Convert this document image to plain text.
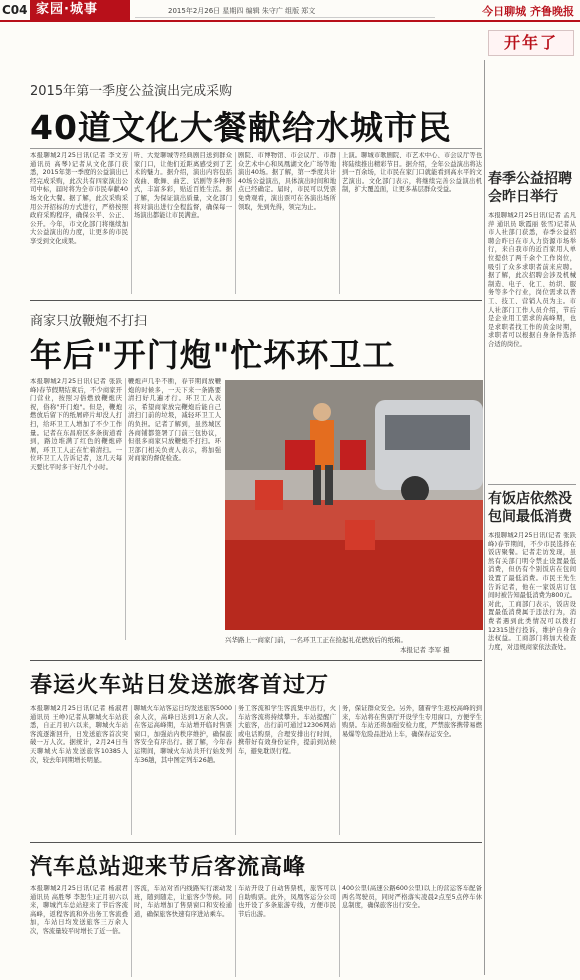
C04 家园·城事	2015年2月26日 星期四 编辑 朱守广 组版 郑文	今日聊城 齐鲁晚报
开年了
2015年第一季度公益演出完成采购
40道文化大餐献给水城市民
本报聊城2月25日讯(记者 李文芳 通讯员 高琴)记者从文化部门获悉，2015年第一季度的公益演出已经完成采购，此次共有四家演出公司中标，届时将为全市市民奉献40场文化大餐。据了解，此次采购采用公开招标的方式进行，严格按照政府采购程序，确保公平、公正、公开。今年，市文化部门将继续加大公益演出的力度，让更多的市民享受到文化成果。
听、大爱聊城等经典剧目送到群众家门口，让他们近距离感受到了艺术的魅力。据介绍，演出内容包括戏曲、歌舞、曲艺、话剧等多种形式，丰富多彩，贴近百姓生活。据了解，为保证演出质量，文化部门将对演出进行全程监督，确保每一场演出都能让市民满意。
剧院、市博物馆、市会议厅、市群众艺术中心和凤凰湖文化广场等地演出40场。据了解，第一季度共计40场公益演出，具体演出时间和地点已经确定。届时，市民可以凭票免费观看，演出票可在各演出场所领取，先到先得，领完为止。
上演。聊城市歌剧院、市艺术中心、市会议厅等也将陆续推出精彩节目。据介绍，全年公益演出将达到一百余场，让市民在家门口就能看到高水平的文艺演出。文化部门表示，将继续完善公益演出机制，扩大覆盖面，让更多基层群众受益。
商家只放鞭炮不打扫
年后"开门炮"忙坏环卫工
本报聊城2月25日讯(记者 张跃峰)春节假期结束后，不少商家开门营业，按照习俗燃放鞭炮庆祝，俗称"开门炮"。但是，鞭炮燃放后留下的纸屑碎片却没人打扫，给环卫工人增加了不少工作量。记者在东昌府区多条街道看到，路边堆满了红色的鞭炮碎屑，环卫工人正在忙着清扫。一位环卫工人告诉记者，这几天每天要比平时多干好几个小时。
鞭炮声几乎不断，春节期间放鞭炮的时候多，一天下来一条路要清扫好几遍才行。环卫工人表示，希望商家放完鞭炮后能自己清扫门前的垃圾，减轻环卫工人的负担。记者了解到，虽然城区各商铺都签署了门前三包协议，但很多商家只放鞭炮不打扫。环卫部门相关负责人表示，将加强对商家的督促检查。
兴华路上一商家门前，一名环卫工正在捡起礼花燃放后的纸箱。
本报记者 李军 摄
春运火车站日发送旅客首过万
本报聊城2月25日讯(记者 杨淑君 通讯员 王峥)记者从聊城火车站获悉，自正月初六以来，聊城火车站客流逐渐回升，日发送旅客首次突破一万人次。据统计，2月24日当天聊城火车站发送旅客10385人次，较去年同期增长明显。
聊城火车站客运日均发送旅客5000余人次，高峰日达到1万余人次。在客运高峰期，车站增开临时售票窗口，加强站内秩序维护，确保旅客安全有序出行。据了解，今年春运期间，聊城火车站共开行始发列车36趟，其中图定列车26趟。
务工客流和学生客流集中出行，火车站客流将持续攀升。车站提醒广大旅客，出行前可通过12306网站或电话购票，合理安排出行时间，携带好有效身份证件，提前到站候车，避免耽误行程。
务，保证群众安全。另外，随着学生返校高峰的到来，车站将在售票厅开设学生专用窗口，方便学生购票。车站还将加强安检力度，严禁旅客携带易燃易爆等危险品进站上车，确保春运安全。
汽车总站迎来节后客流高峰
本报聊城2月25日讯(记者 杨淑君 通讯员 高胜琴 李恕生)正月初六以来，聊城汽车总站迎来了节后客流高峰，返程客流和外出务工客流叠加，车站日均发送旅客三万余人次，客流量较平时增长了近一倍。
客流，车站对省内线路实行滚动发班，随到随走，让旅客少等候。同时，车站增加了售票窗口和安检通道，确保旅客快速有序进站乘车。
车站开设了自动售票机，旅客可以自助购票。此外，凤凰客运分公司也开设了多条旅游专线，方便市民节后出游。
400公里(高速公路600公里)以上的营运客车配备两名驾驶员，同时严格落实凌晨2点至5点停车休息制度，确保旅客出行安全。
春季公益招聘会昨日举行
本报聊城2月25日讯(记者 孟凡萍 通讯员 耿霞丽 张雪)记者从市人社部门获悉，春季公益招聘会昨日在市人力资源市场举行，来自我市的近百家用人单位提供了两千余个工作岗位，吸引了众多求职者前来应聘。据了解，此次招聘会涉及机械制造、电子、化工、纺织、服务等多个行业，岗位需求以普工、技工、营销人员为主。市人社部门工作人员介绍，节后是企业用工需求的高峰期，也是求职者找工作的黄金时期，求职者可以根据自身条件选择合适的岗位。
有饭店依然没包间最低消费
本报聊城2月25日讯(记者 张跃峰)春节期间，不少市民选择在饭店聚餐。记者走访发现，虽然有关部门明令禁止设置最低消费，但仍有个别饭店在包间设置了最低消费。市民王先生告诉记者，他在一家饭店订包间时被告知最低消费为800元。对此，工商部门表示，饭店设置最低消费属于违法行为，消费者遇到此类情况可以拨打12315进行投诉，维护自身合法权益。工商部门将加大检查力度，对违规商家依法查处。
